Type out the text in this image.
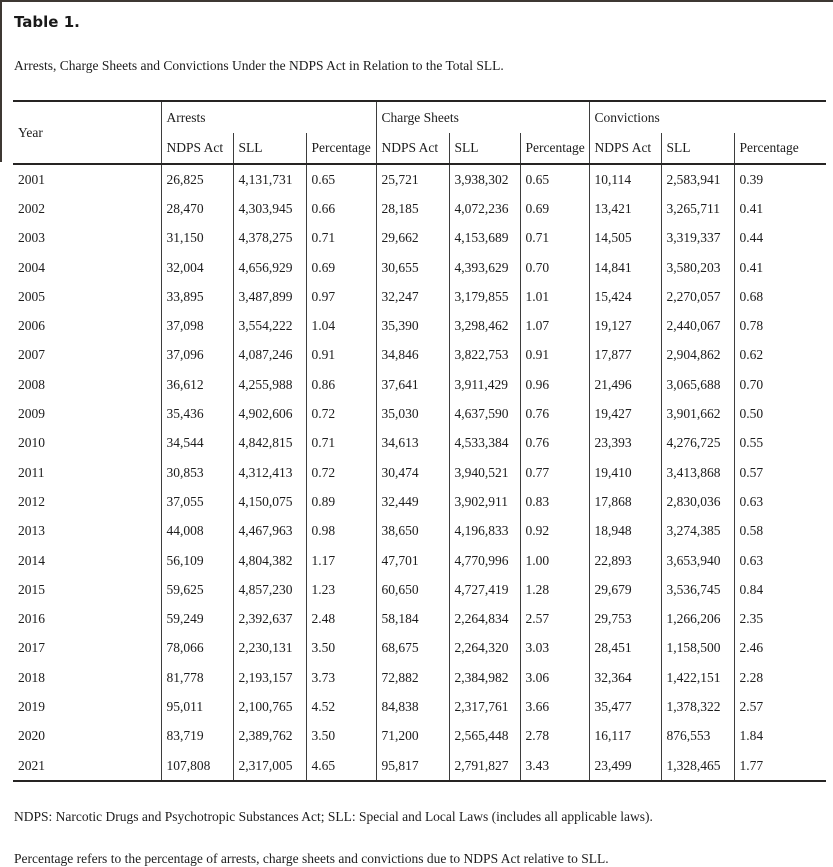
Table 1.
Arrests, Charge Sheets and Convictions Under the NDPS Act in Relation to the Total SLL.
Year	Arrests			Charge Sheets			Convictions		
	NDPS Act	SLL	Percentage	NDPS Act	SLL	Percentage	NDPS Act	SLL	Percentage
2001	26,825	4,131,731	0.65	25,721	3,938,302	0.65	10,114	2,583,941	0.39
2002	28,470	4,303,945	0.66	28,185	4,072,236	0.69	13,421	3,265,711	0.41
2003	31,150	4,378,275	0.71	29,662	4,153,689	0.71	14,505	3,319,337	0.44
2004	32,004	4,656,929	0.69	30,655	4,393,629	0.70	14,841	3,580,203	0.41
2005	33,895	3,487,899	0.97	32,247	3,179,855	1.01	15,424	2,270,057	0.68
2006	37,098	3,554,222	1.04	35,390	3,298,462	1.07	19,127	2,440,067	0.78
2007	37,096	4,087,246	0.91	34,846	3,822,753	0.91	17,877	2,904,862	0.62
2008	36,612	4,255,988	0.86	37,641	3,911,429	0.96	21,496	3,065,688	0.70
2009	35,436	4,902,606	0.72	35,030	4,637,590	0.76	19,427	3,901,662	0.50
2010	34,544	4,842,815	0.71	34,613	4,533,384	0.76	23,393	4,276,725	0.55
2011	30,853	4,312,413	0.72	30,474	3,940,521	0.77	19,410	3,413,868	0.57
2012	37,055	4,150,075	0.89	32,449	3,902,911	0.83	17,868	2,830,036	0.63
2013	44,008	4,467,963	0.98	38,650	4,196,833	0.92	18,948	3,274,385	0.58
2014	56,109	4,804,382	1.17	47,701	4,770,996	1.00	22,893	3,653,940	0.63
2015	59,625	4,857,230	1.23	60,650	4,727,419	1.28	29,679	3,536,745	0.84
2016	59,249	2,392,637	2.48	58,184	2,264,834	2.57	29,753	1,266,206	2.35
2017	78,066	2,230,131	3.50	68,675	2,264,320	3.03	28,451	1,158,500	2.46
2018	81,778	2,193,157	3.73	72,882	2,384,982	3.06	32,364	1,422,151	2.28
2019	95,011	2,100,765	4.52	84,838	2,317,761	3.66	35,477	1,378,322	2.57
2020	83,719	2,389,762	3.50	71,200	2,565,448	2.78	16,117	876,553	1.84
2021	107,808	2,317,005	4.65	95,817	2,791,827	3.43	23,499	1,328,465	1.77

NDPS: Narcotic Drugs and Psychotropic Substances Act; SLL: Special and Local Laws (includes all applicable laws).

Percentage refers to the percentage of arrests, charge sheets and convictions due to NDPS Act relative to SLL.
